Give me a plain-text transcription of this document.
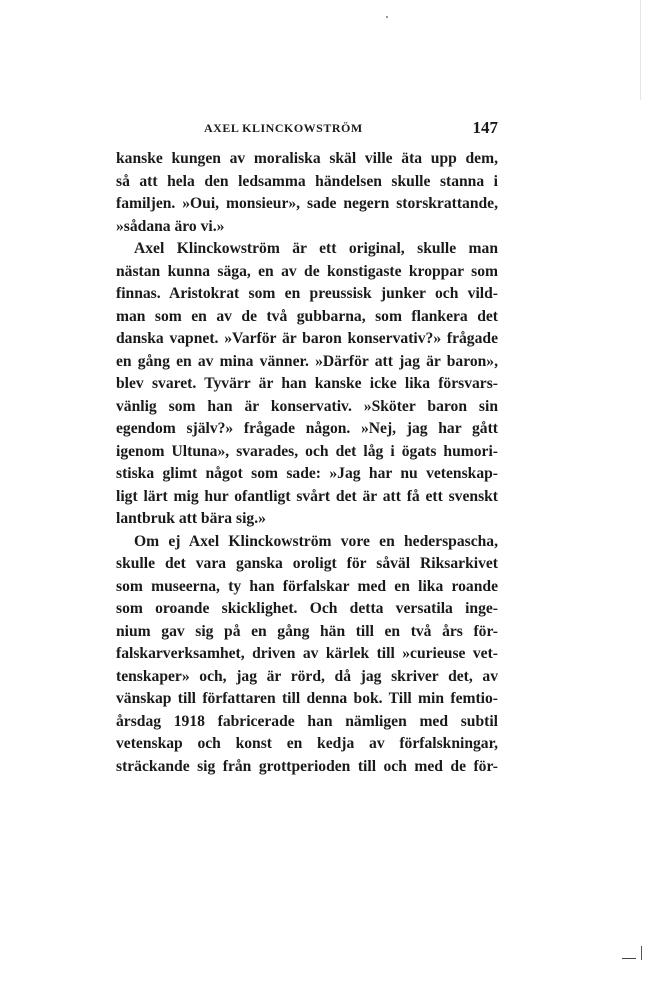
AXEL KLINCKOWSTRÖM	147
kanske kungen av moraliska skäl ville äta upp dem,
så att hela den ledsamma händelsen skulle stanna i
familjen. »Oui, monsieur», sade negern storskrattande,
»sådana äro vi.»
Axel Klinckowström är ett original, skulle man
nästan kunna säga, en av de konstigaste kroppar som
finnas. Aristokrat som en preussisk junker och vild-
man som en av de två gubbarna, som flankera det
danska vapnet. »Varför är baron konservativ?» frågade
en gång en av mina vänner. »Därför att jag är baron»,
blev svaret. Tyvärr är han kanske icke lika försvars-
vänlig som han är konservativ. »Sköter baron sin
egendom själv?» frågade någon. »Nej, jag har gått
igenom Ultuna», svarades, och det låg i ögats humori-
stiska glimt något som sade: »Jag har nu vetenskap-
ligt lärt mig hur ofantligt svårt det är att få ett svenskt
lantbruk att bära sig.»
Om ej Axel Klinckowström vore en hederspascha,
skulle det vara ganska oroligt för såväl Riksarkivet
som museerna, ty han förfalskar med en lika roande
som oroande skicklighet. Och detta versatila inge-
nium gav sig på en gång hän till en två års för-
falskarverksamhet, driven av kärlek till »curieuse vet-
tenskaper» och, jag är rörd, då jag skriver det, av
vänskap till författaren till denna bok. Till min femtio-
årsdag 1918 fabricerade han nämligen med subtil
vetenskap och konst en kedja av förfalskningar,
sträckande sig från grottperioden till och med de för-
